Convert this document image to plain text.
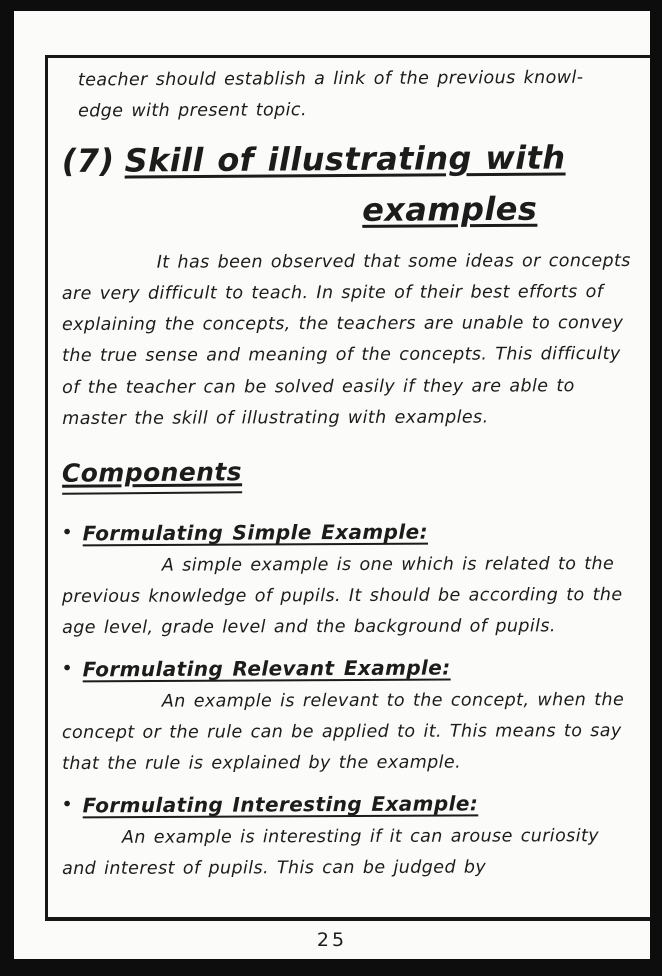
teacher should establish a link of the previous knowl-edge with present topic.

(7) Skill of illustrating with
examples

It has been observed that some ideas or concepts are very difficult to teach. In spite of their best efforts of explaining the concepts, the teachers are unable to convey the true sense and meaning of the concepts. This difficulty of the teacher can be solved easily if they are able to master the skill of illustrating with examples.

Components
• Formulating Simple Example:

A simple example is one which is related to the previous knowledge of pupils. It should be according to the age level, grade level and the background of pupils.

• Formulating Relevant Example:

An example is relevant to the concept, when the concept or the rule can be applied to it. This means to say that the rule is explained by the example.

• Formulating Interesting Example:

An example is interesting if it can arouse curiosity and interest of pupils. This can be judged by

25
